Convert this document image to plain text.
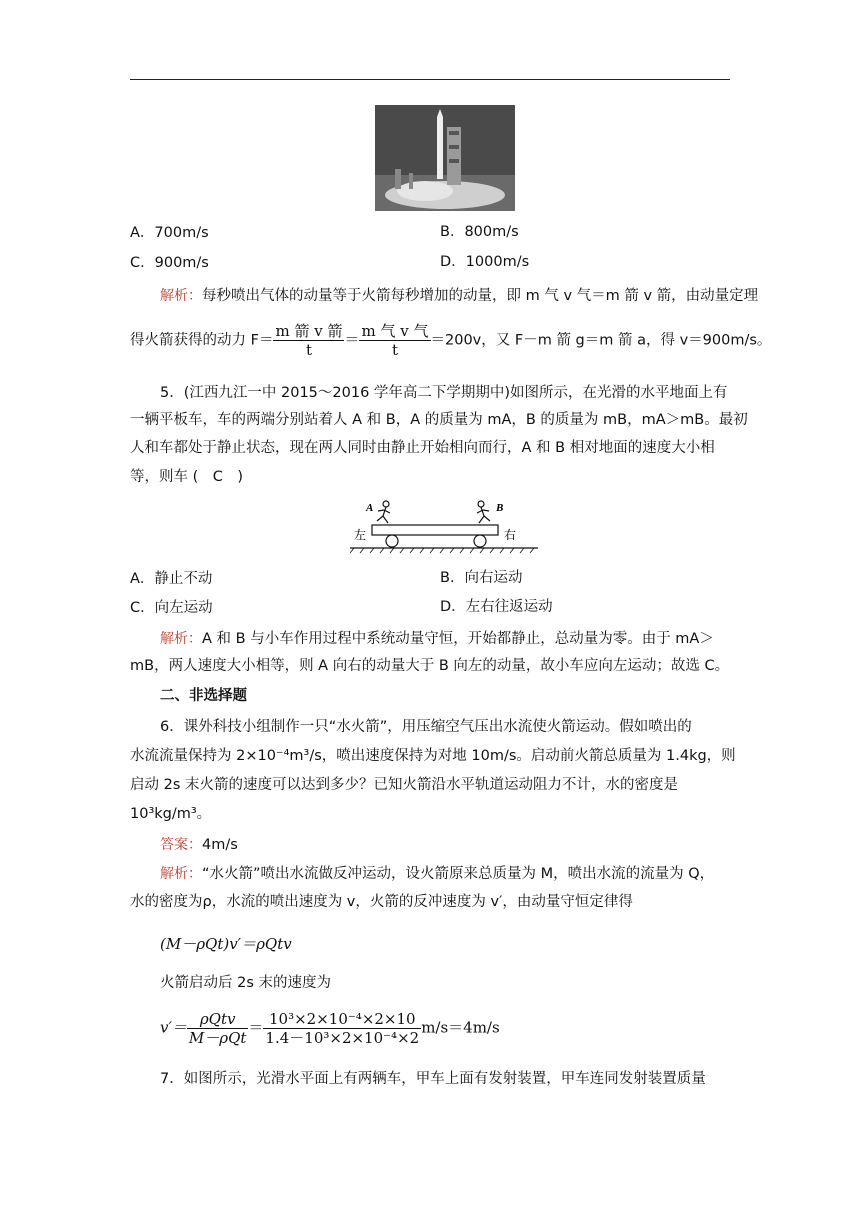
A．700m/s	B．800m/s
C．900m/s	D．1000m/s
解析：每秒喷出气体的动量等于火箭每秒增加的动量，即 m 气 v 气＝m 箭 v 箭，由动量定理
得火箭获得的动力 $F= \frac{\text{m 箭 v 箭}}{t} = \frac{\text{m 气 v 气}}{t} =200v$，又 F－m 箭 g＝m 箭 a，得 v＝900m/s。
5．(江西九江一中 2015～2016 学年高二下学期期中)如图所示，在光滑的水平地面上有
一辆平板车，车的两端分别站着人 A 和 B，A 的质量为 mA，B 的质量为 mB，mA＞mB。最初
人和车都处于静止状态，现在两人同时由静止开始相向而行，A 和 B 相对地面的速度大小相
等，则车 (　C　)
A	B
左	右
A．静止不动	B．向右运动
C．向左运动	D．左右往返运动
解析：A 和 B 与小车作用过程中系统动量守恒，开始都静止，总动量为零。由于 mA＞
mB，两人速度大小相等，则 A 向右的动量大于 B 向左的动量，故小车应向左运动；故选 C。
二、非选择题
6．课外科技小组制作一只“水火箭”，用压缩空气压出水流使火箭运动。假如喷出的
水流流量保持为 2×10⁻⁴m³/s，喷出速度保持为对地 10m/s。启动前火箭总质量为 1.4kg，则
启动 2s 末火箭的速度可以达到多少？已知火箭沿水平轨道运动阻力不计，水的密度是
10³kg/m³。
答案：4m/s
解析：“水火箭”喷出水流做反冲运动，设火箭原来总质量为 M，喷出水流的流量为 Q，
水的密度为ρ，水流的喷出速度为 v，火箭的反冲速度为 v′，由动量守恒定律得
(M－ρQt)v′＝ρQtv
火箭启动后 2s 末的速度为
$v'= \frac{\text{ρQtv}}{\text{M－ρQt}} = \frac{\text{10³×2×10⁻⁴×2×10}}{\text{1.4－10³×2×10⁻⁴×2}} m/s=4m/s$
7．如图所示，光滑水平面上有两辆车，甲车上面有发射装置，甲车连同发射装置质量
